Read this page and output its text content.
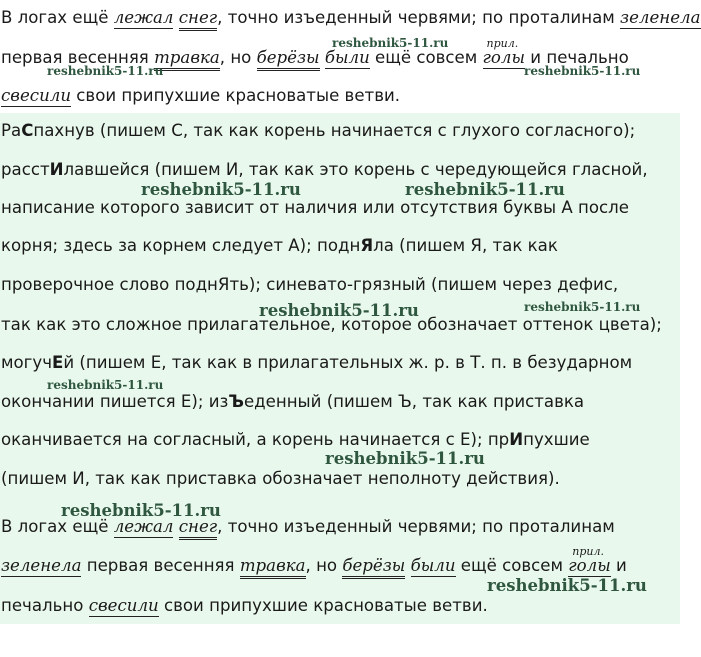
В логах ещё лежал снег, точно изъеденный червями; по проталинам зеленела
первая весенняя травка, но берёзы были ещё совсем
прил.
голы и печально
свесили свои припухшие красноватые ветви.
РаСпахнув (пишем С, так как корень начинается с глухого согласного);
расстИлавшейся (пишем И, так как это корень с чередующейся гласной,
написание которого зависит от наличия или отсутствия буквы А после
корня; здесь за корнем следует А); поднЯла (пишем Я, так как
проверочное слово поднЯть); синевато-грязный (пишем через дефис,
так как это сложное прилагательное, которое обозначает оттенок цвета);
могучЕй (пишем Е, так как в прилагательных ж. р. в Т. п. в безударном
окончании пишется Е); изЪеденный (пишем Ъ, так как приставка
оканчивается на согласный, а корень начинается с Е); прИпухшие
(пишем И, так как приставка обозначает неполноту действия).
В логах ещё лежал снег, точно изъеденный червями; по проталинам
зеленела первая весенняя травка, но берёзы были ещё совсем
прил.
голы и
печально свесили свои припухшие красноватые ветви.
reshebnik5-11.ru
reshebnik5-11.ru	reshebnik5-11.ru
reshebnik5-11.ru	reshebnik5-11.ru
reshebnik5-11.ru	reshebnik5-11.ru
reshebnik5-11.ru
reshebnik5-11.ru
reshebnik5-11.ru
reshebnik5-11.ru
